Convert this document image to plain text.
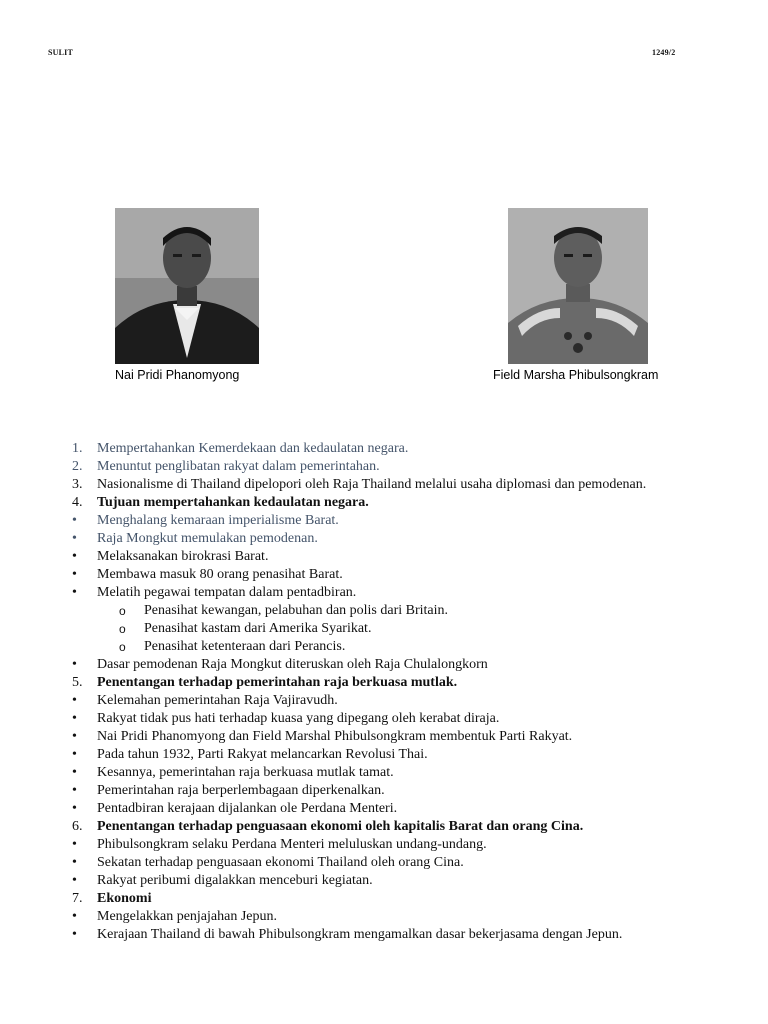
SULIT	1249/2
Nai Pridi Phanomyong	Field Marsha Phibulsongkram
1.	Mempertahankan Kemerdekaan dan kedaulatan negara.
2.	Menuntut penglibatan rakyat dalam pemerintahan.
3.	Nasionalisme di Thailand dipelopori oleh Raja Thailand melalui usaha diplomasi dan pemodenan.
4.	Tujuan mempertahankan kedaulatan negara.
•	Menghalang kemaraan imperialisme Barat.
•	Raja Mongkut memulakan pemodenan.
•	Melaksanakan birokrasi Barat.
•	Membawa masuk 80 orang penasihat Barat.
•	Melatih pegawai tempatan dalam pentadbiran.
o	Penasihat kewangan, pelabuhan dan polis dari Britain.
o	Penasihat kastam dari Amerika Syarikat.
o	Penasihat ketenteraan dari Perancis.
•	Dasar pemodenan Raja Mongkut diteruskan oleh Raja Chulalongkorn
5.	Penentangan terhadap pemerintahan raja berkuasa mutlak.
•	Kelemahan pemerintahan Raja Vajiravudh.
•	Rakyat tidak pus hati terhadap kuasa yang dipegang oleh kerabat diraja.
•	Nai Pridi Phanomyong dan Field Marshal Phibulsongkram membentuk Parti Rakyat.
•	Pada tahun 1932, Parti Rakyat melancarkan Revolusi Thai.
•	Kesannya, pemerintahan raja berkuasa mutlak tamat.
•	Pemerintahan raja berperlembagaan diperkenalkan.
•	Pentadbiran kerajaan dijalankan ole Perdana Menteri.
6.	Penentangan terhadap penguasaan ekonomi oleh kapitalis Barat dan orang Cina.
•	Phibulsongkram selaku Perdana Menteri meluluskan undang-undang.
•	Sekatan terhadap penguasaan ekonomi Thailand oleh orang Cina.
•	Rakyat peribumi digalakkan menceburi kegiatan.
7.	Ekonomi
•	Mengelakkan penjajahan Jepun.
•	Kerajaan Thailand di bawah Phibulsongkram mengamalkan dasar bekerjasama dengan Jepun.
